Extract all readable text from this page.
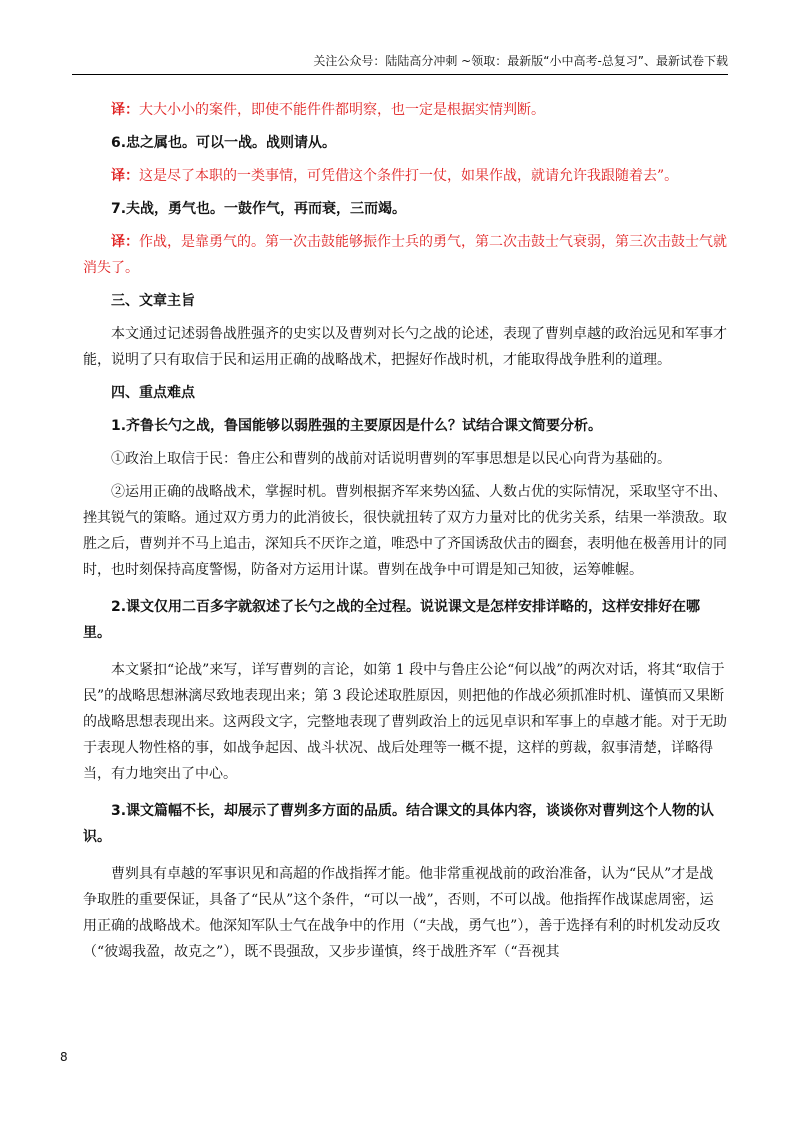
关注公众号：陆陆高分冲刺 ~领取：最新版“小中高考-总复习”、最新试卷下载

译：大大小小的案件，即使不能件件都明察，也一定是根据实情判断。

6.忠之属也。可以一战。战则请从。

译：这是尽了本职的一类事情，可凭借这个条件打一仗，如果作战，就请允许我跟随着去”。

7.夫战，勇气也。一鼓作气，再而衰，三而竭。

译：作战，是靠勇气的。第一次击鼓能够振作士兵的勇气，第二次击鼓士气衰弱，第三次击鼓士气就消失了。

三、文章主旨

本文通过记述弱鲁战胜强齐的史实以及曹刿对长勺之战的论述，表现了曹刿卓越的政治远见和军事才能，说明了只有取信于民和运用正确的战略战术，把握好作战时机，才能取得战争胜利的道理。

四、重点难点

1.齐鲁长勺之战，鲁国能够以弱胜强的主要原因是什么？试结合课文简要分析。

①政治上取信于民：鲁庄公和曹刿的战前对话说明曹刿的军事思想是以民心向背为基础的。

②运用正确的战略战术，掌握时机。曹刿根据齐军来势凶猛、人数占优的实际情况，采取坚守不出、挫其锐气的策略。通过双方勇力的此消彼长，很快就扭转了双方力量对比的优劣关系，结果一举溃敌。取胜之后，曹刿并不马上追击，深知兵不厌诈之道，唯恐中了齐国诱敌伏击的圈套，表明他在极善用计的同时，也时刻保持高度警惕，防备对方运用计谋。曹刿在战争中可谓是知己知彼，运筹帷幄。

2.课文仅用二百多字就叙述了长勺之战的全过程。说说课文是怎样安排详略的，这样安排好在哪里。

本文紧扣“论战”来写，详写曹刿的言论，如第 1 段中与鲁庄公论“何以战”的两次对话，将其“取信于民”的战略思想淋漓尽致地表现出来；第 3 段论述取胜原因，则把他的作战必须抓准时机、谨慎而又果断的战略思想表现出来。这两段文字，完整地表现了曹刿政治上的远见卓识和军事上的卓越才能。对于无助于表现人物性格的事，如战争起因、战斗状况、战后处理等一概不提，这样的剪裁，叙事清楚，详略得当，有力地突出了中心。

3.课文篇幅不长，却展示了曹刿多方面的品质。结合课文的具体内容，谈谈你对曹刿这个人物的认识。

曹刿具有卓越的军事识见和高超的作战指挥才能。他非常重视战前的政治准备，认为“民从”才是战争取胜的重要保证，具备了“民从”这个条件，“可以一战”，否则，不可以战。他指挥作战谋虑周密，运用正确的战略战术。他深知军队士气在战争中的作用（“夫战，勇气也”），善于选择有利的时机发动反攻（“彼竭我盈，故克之”），既不畏强敌，又步步谨慎，终于战胜齐军（“吾视其

8
